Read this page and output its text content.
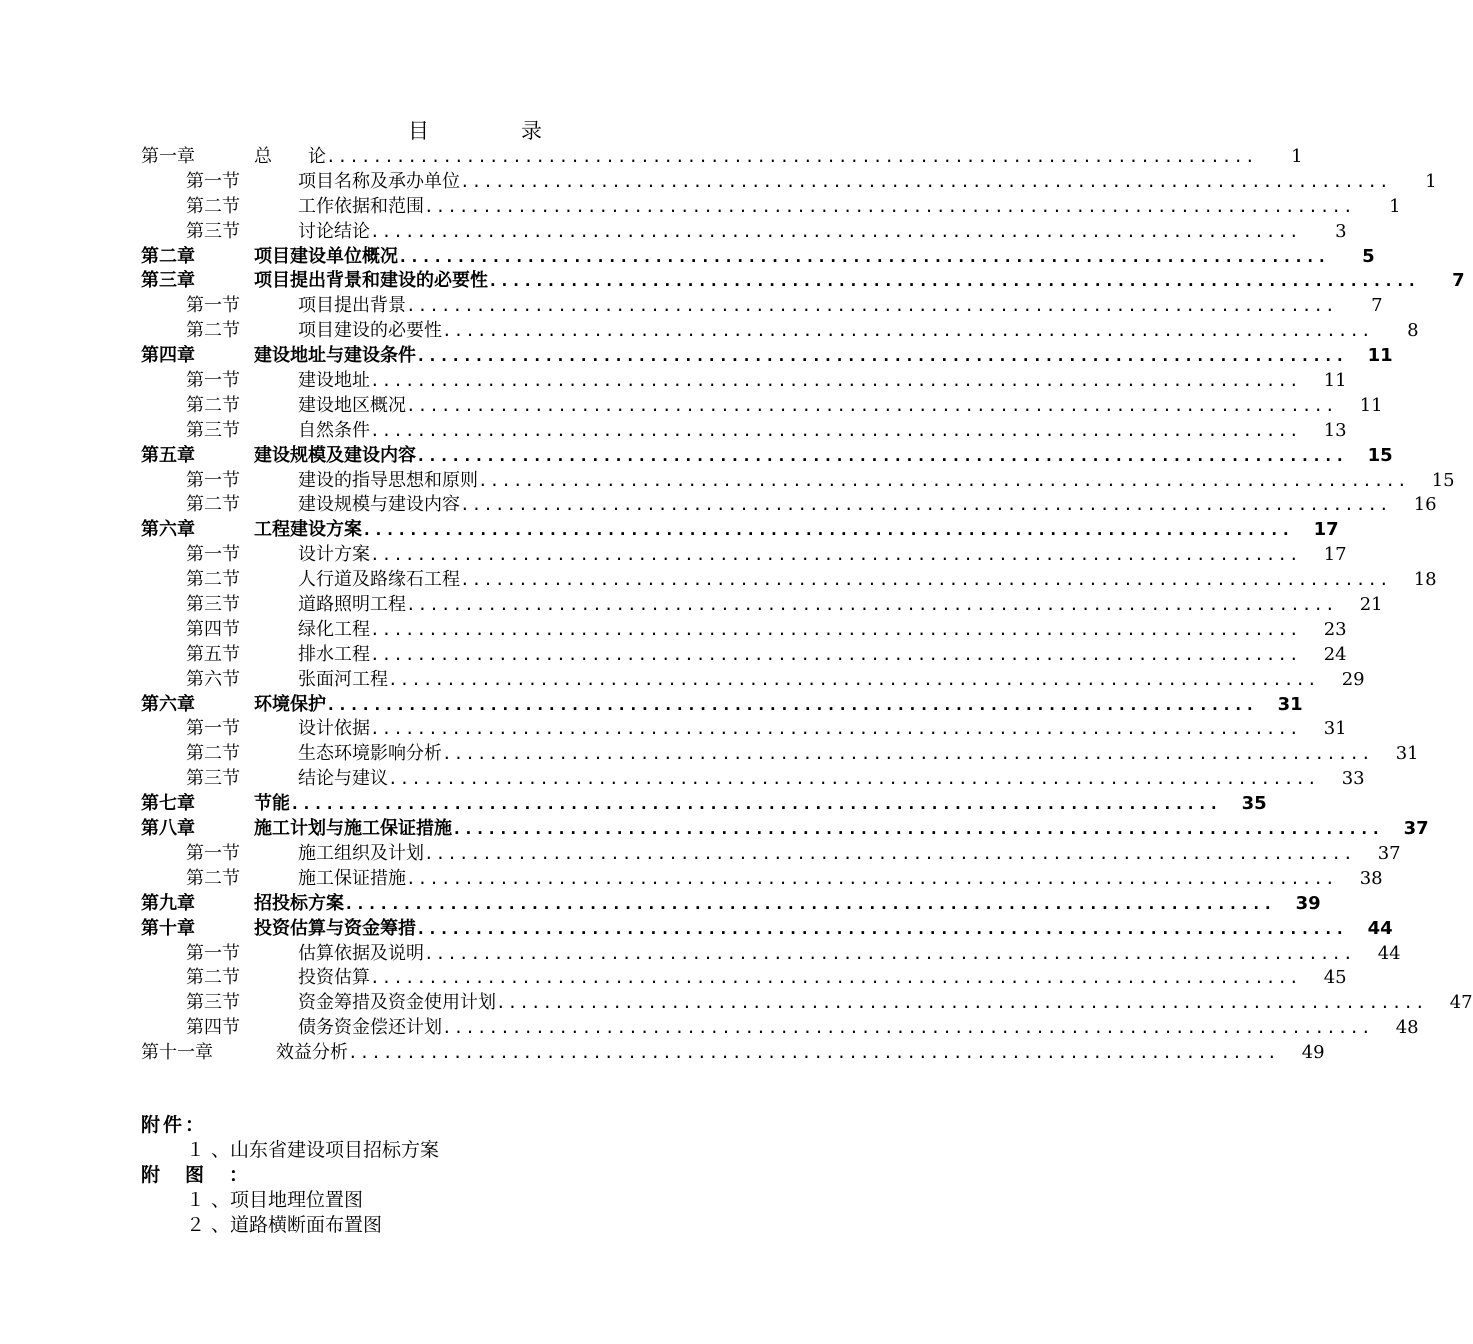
目	录
第一章	总　　论 ................................................................................	1
第一节	项目名称及承办单位 ................................................................................	1
第二节	工作依据和范围 ................................................................................	1
第三节	讨论结论 ................................................................................	3
第二章	项目建设单位概况 ................................................................................	5
第三章	项目提出背景和建设的必要性 ................................................................................	7
第一节	项目提出背景 ................................................................................	7
第二节	项目建设的必要性 ................................................................................	8
第四章	建设地址与建设条件 ................................................................................ 11
第一节	建设地址 ................................................................................ 11
第二节	建设地区概况 ................................................................................ 11
第三节	自然条件 ................................................................................ 13
第五章	建设规模及建设内容 ................................................................................ 15
第一节	建设的指导思想和原则 ................................................................................ 15
第二节	建设规模与建设内容 ................................................................................ 16
第六章	工程建设方案 ................................................................................ 17
第一节	设计方案 ................................................................................ 17
第二节	人行道及路缘石工程 ................................................................................ 18
第三节	道路照明工程 ................................................................................ 21
第四节	绿化工程 ................................................................................ 23
第五节	排水工程 ................................................................................ 24
第六节	张面河工程 ................................................................................ 29
第六章	环境保护 ................................................................................ 31
第一节	设计依据 ................................................................................ 31
第二节	生态环境影响分析 ................................................................................ 31
第三节	结论与建议 ................................................................................ 33
第七章	节能 ................................................................................ 35
第八章	施工计划与施工保证措施 ................................................................................ 37
第一节	施工组织及计划 ................................................................................ 37
第二节	施工保证措施 ................................................................................ 38
第九章	招投标方案 ................................................................................ 39
第十章	投资估算与资金筹措 ................................................................................ 44
第一节	估算依据及说明 ................................................................................ 44
第二节	投资估算 ................................................................................ 45
第三节	资金筹措及资金使用计划 ................................................................................ 47
第四节	债务资金偿还计划 ................................................................................ 48
第十一章	效益分析 ................................................................................ 49
附件：
１ 、山东省建设项目招标方案
附 图 ：
１ 、项目地理位置图
２ 、道路横断面布置图
